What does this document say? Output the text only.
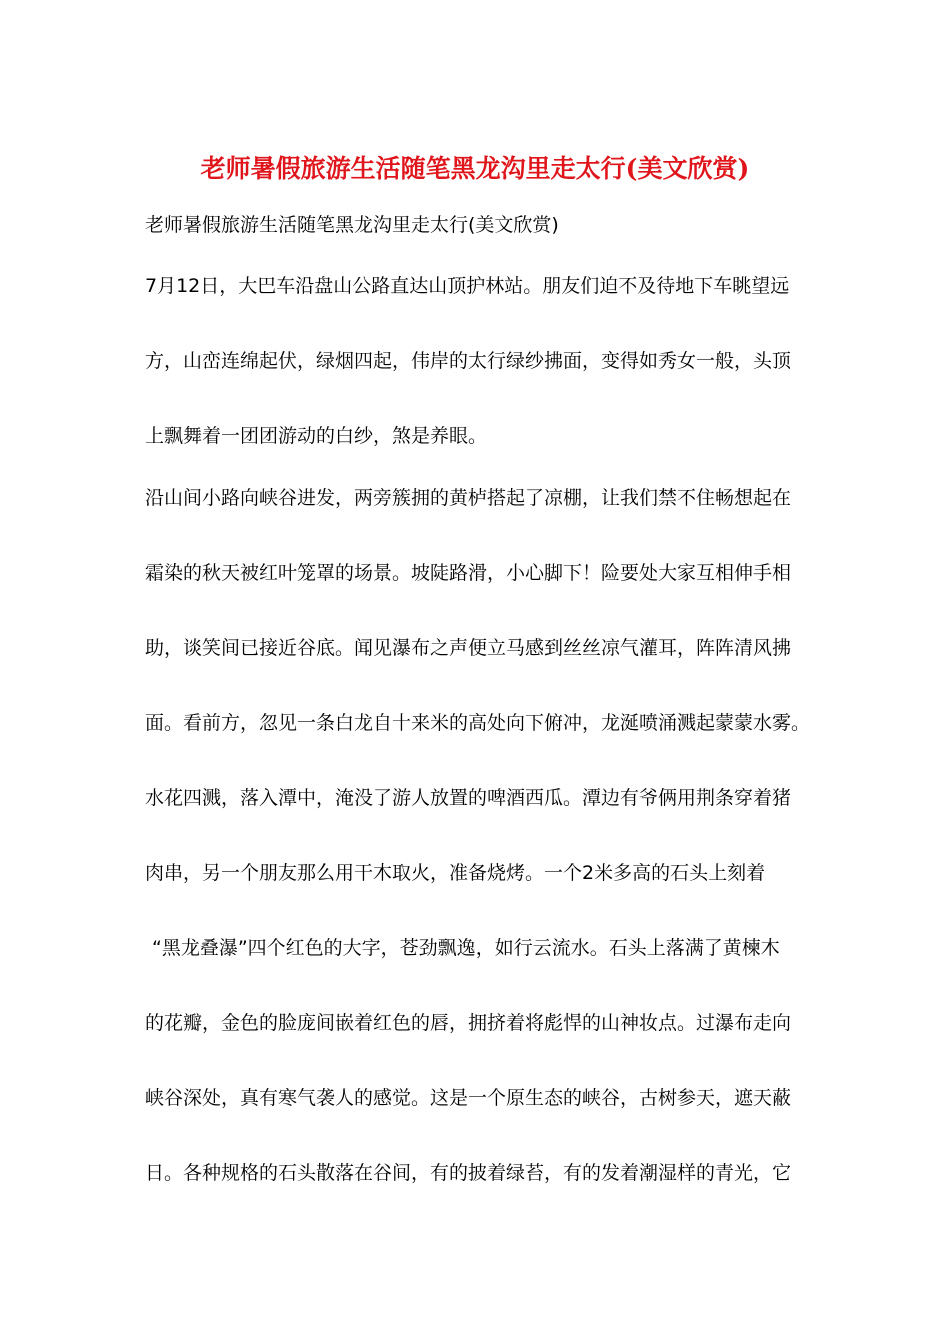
老师暑假旅游生活随笔黑龙沟里走太行(美文欣赏)
老师暑假旅游生活随笔黑龙沟里走太行(美文欣赏)
7月12日，大巴车沿盘山公路直达山顶护林站。朋友们迫不及待地下车眺望远
方，山峦连绵起伏，绿烟四起，伟岸的太行绿纱拂面，变得如秀女一般，头顶
上飘舞着一团团游动的白纱，煞是养眼。
沿山间小路向峡谷进发，两旁簇拥的黄栌搭起了凉棚，让我们禁不住畅想起在
霜染的秋天被红叶笼罩的场景。坡陡路滑，小心脚下！险要处大家互相伸手相
助，谈笑间已接近谷底。闻见瀑布之声便立马感到丝丝凉气灌耳，阵阵清风拂
面。看前方，忽见一条白龙自十来米的高处向下俯冲，龙涎喷涌溅起蒙蒙水雾。
水花四溅，落入潭中，淹没了游人放置的啤酒西瓜。潭边有爷俩用荆条穿着猪
肉串，另一个朋友那么用干木取火，准备烧烤。一个2米多高的石头上刻着
“黑龙叠瀑”四个红色的大字，苍劲飘逸，如行云流水。石头上落满了黄楝木
的花瓣，金色的脸庞间嵌着红色的唇，拥挤着将彪悍的山神妆点。过瀑布走向
峡谷深处，真有寒气袭人的感觉。这是一个原生态的峡谷，古树参天，遮天蔽
日。各种规格的石头散落在谷间，有的披着绿苔，有的发着潮湿样的青光，它
